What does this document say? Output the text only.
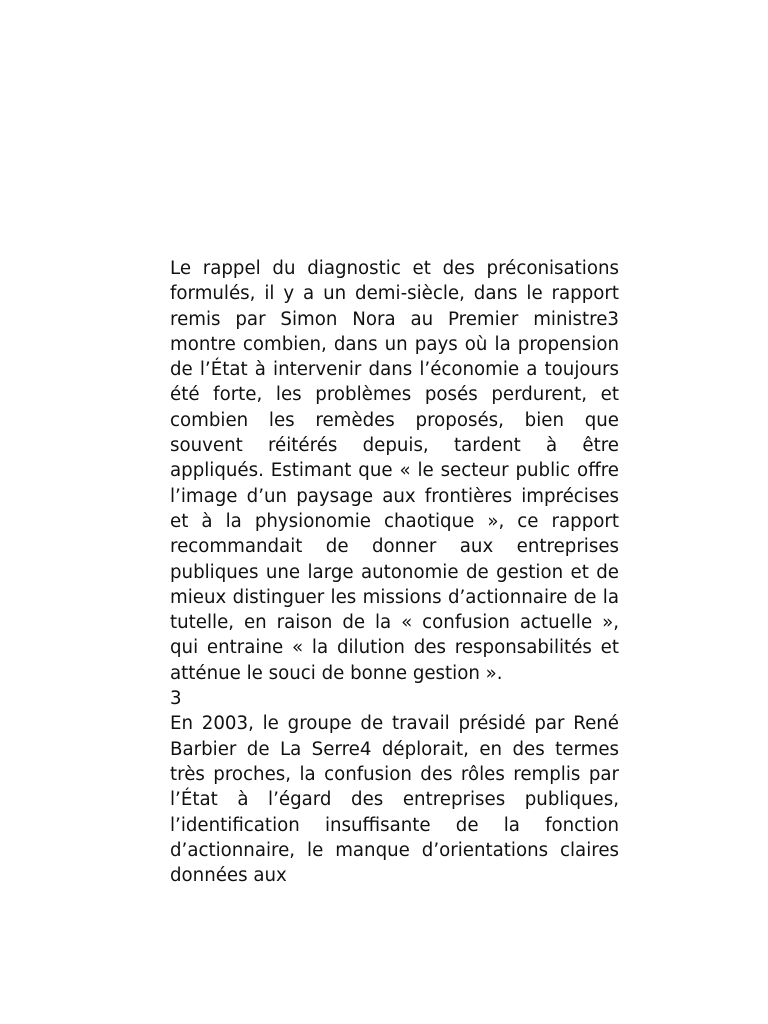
Le rappel du diagnostic et des préconisations formulés, il y a un demi-siècle, dans le rapport remis par Simon Nora au Premier ministre3 montre combien, dans un pays où la propension de l’État à intervenir dans l’économie a toujours été forte, les problèmes posés perdurent, et combien les remèdes proposés, bien que souvent réitérés depuis, tardent à être appliqués. Estimant que « le secteur public offre l’image d’un paysage aux frontières imprécises et à la physionomie chaotique », ce rapport recommandait de donner aux entreprises publiques une large autonomie de gestion et de mieux distinguer les missions d’actionnaire de la tutelle, en raison de la « confusion actuelle », qui entraine « la dilution des responsabilités et atténue le souci de bonne gestion ».

3

En 2003, le groupe de travail présidé par René Barbier de La Serre4 déplorait, en des termes très proches, la confusion des rôles remplis par l’État à l’égard des entreprises publiques, l’identification insuffisante de la fonction d’actionnaire, le manque d’orientations claires données aux
